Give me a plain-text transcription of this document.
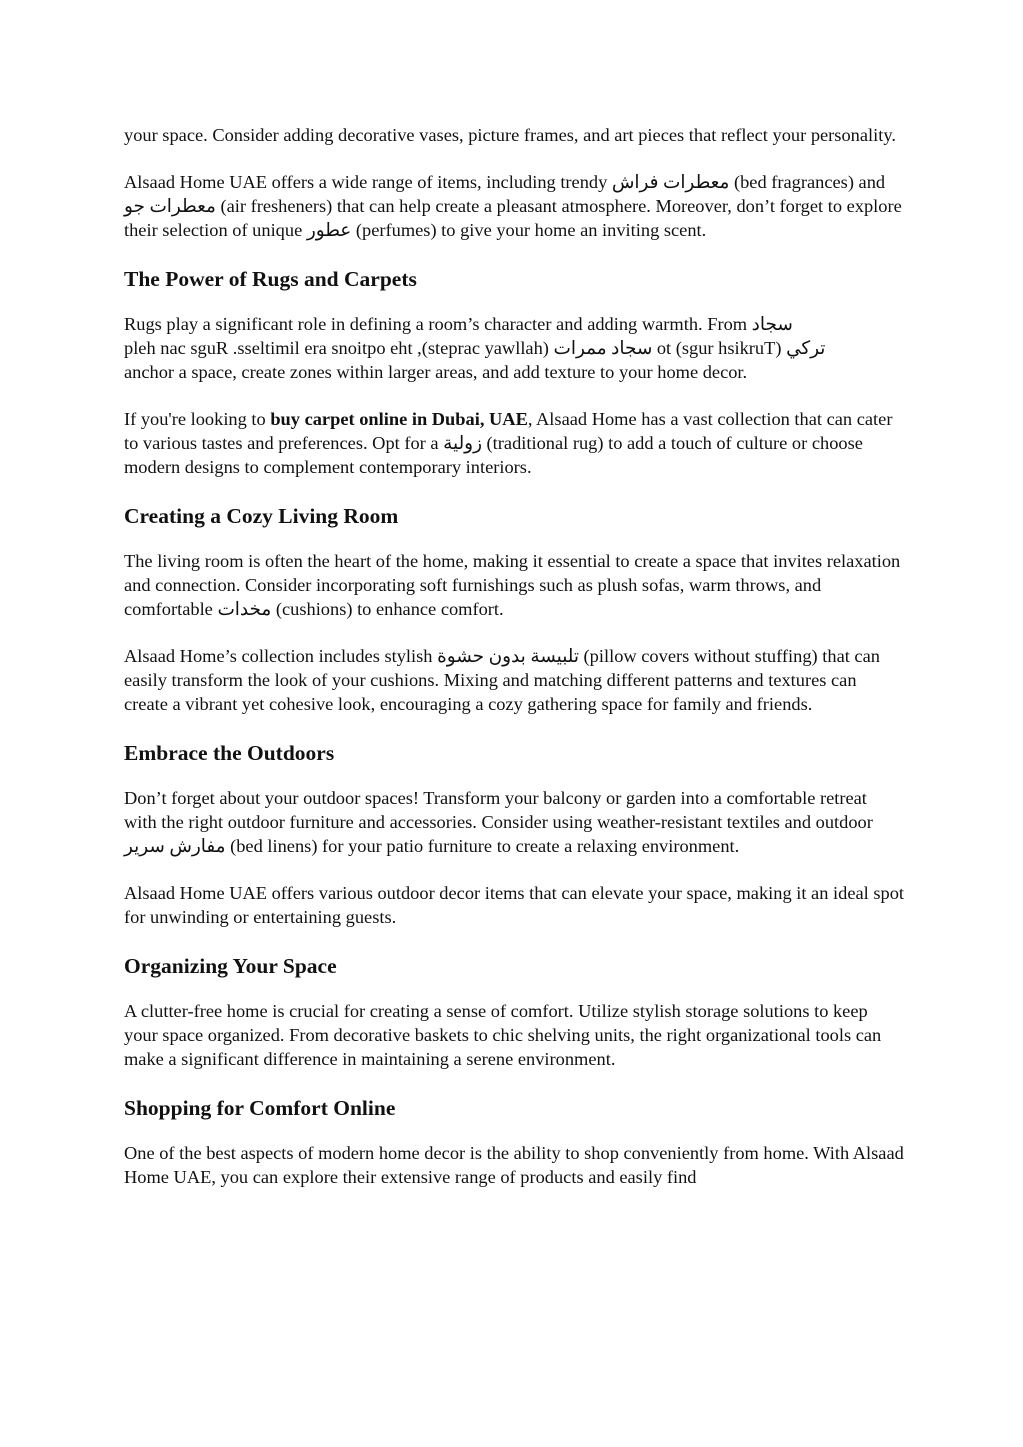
your space. Consider adding decorative vases, picture frames, and art pieces that reflect your personality.

Alsaad Home UAE offers a wide range of items, including trendy معطرات فراش (bed fragrances) and معطرات جو (air fresheners) that can help create a pleasant atmosphere. Moreover, don’t forget to explore their selection of unique عطور (perfumes) to give your home an inviting scent.

The Power of Rugs and Carpets

Rugs play a significant role in defining a room’s character and adding warmth. From سجاد
pleh nac sguR .sseltimil era snoitpo eht ,(steprac yawllah) سجاد ممرات ot (sgur hsikruT) تركي
anchor a space, create zones within larger areas, and add texture to your home decor.

If you're looking to buy carpet online in Dubai, UAE, Alsaad Home has a vast collection that can cater to various tastes and preferences. Opt for a زولية (traditional rug) to add a touch of culture or choose modern designs to complement contemporary interiors.

Creating a Cozy Living Room

The living room is often the heart of the home, making it essential to create a space that invites relaxation and connection. Consider incorporating soft furnishings such as plush sofas, warm throws, and comfortable مخدات (cushions) to enhance comfort.

Alsaad Home’s collection includes stylish تلبيسة بدون حشوة (pillow covers without stuffing) that can easily transform the look of your cushions. Mixing and matching different patterns and textures can create a vibrant yet cohesive look, encouraging a cozy gathering space for family and friends.

Embrace the Outdoors

Don’t forget about your outdoor spaces! Transform your balcony or garden into a comfortable retreat with the right outdoor furniture and accessories. Consider using weather-resistant textiles and outdoor مفارش سرير (bed linens) for your patio furniture to create a relaxing environment.

Alsaad Home UAE offers various outdoor decor items that can elevate your space, making it an ideal spot for unwinding or entertaining guests.

Organizing Your Space

A clutter-free home is crucial for creating a sense of comfort. Utilize stylish storage solutions to keep your space organized. From decorative baskets to chic shelving units, the right organizational tools can make a significant difference in maintaining a serene environment.

Shopping for Comfort Online

One of the best aspects of modern home decor is the ability to shop conveniently from home. With Alsaad Home UAE, you can explore their extensive range of products and easily find
